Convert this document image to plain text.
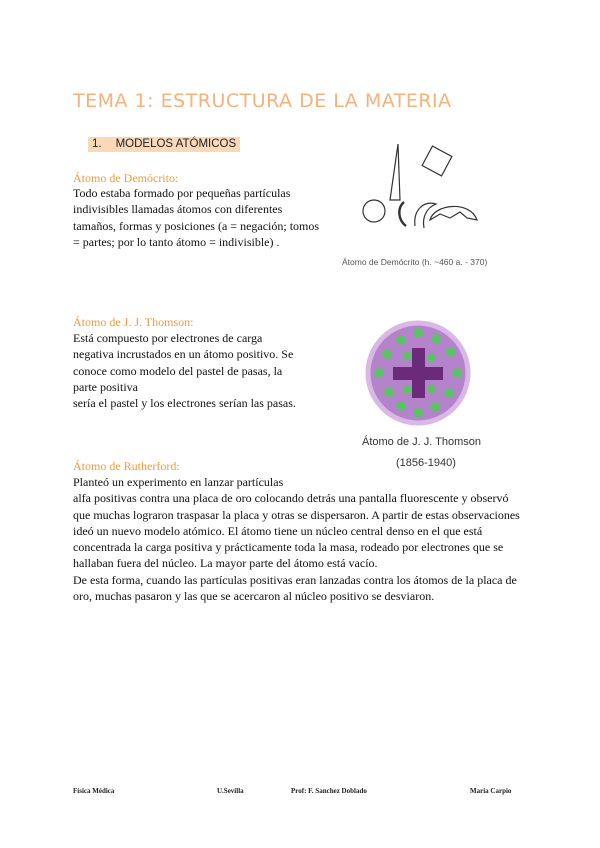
TEMA 1: ESTRUCTURA DE LA MATERIA
1. MODELOS ATÓMICOS
Átomo de Demócrito:
Todo estaba formado por pequeñas partículas indivisibles llamadas átomos con diferentes tamaños, formas y posiciones (a = negación; tomos = partes; por lo tanto átomo = indivisible) .
Átomo de Demócrito (h. ~460 a. - 370)
Átomo de J. J. Thomson:

Está compuesto por electrones de carga

negativa incrustados en un átomo positivo. Se

conoce como modelo del pastel de pasas, la

parte positiva

sería el pastel y los electrones serían las pasas.

Átomo de J. J. Thomson
(1856-1940)
Átomo de Rutherford:

Planteó un experimento en lanzar partículas

alfa positivas contra una placa de oro colocando detrás una pantalla fluorescente y observó que muchas lograron traspasar la placa y otras se dispersaron. A partir de estas observaciones ideó un nuevo modelo atómico. El átomo tiene un núcleo central denso en el que está concentrada la carga positiva y prácticamente toda la masa, rodeado por electrones que se hallaban fuera del núcleo. La mayor parte del átomo está vacío.

De esta forma, cuando las partículas positivas eran lanzadas contra los átomos de la placa de oro, muchas pasaron y las que se acercaron al núcleo positivo se desviaron.

Física Médica	U.Sevilla	Prof: F. Sanchez Doblado	Maria Carpio
